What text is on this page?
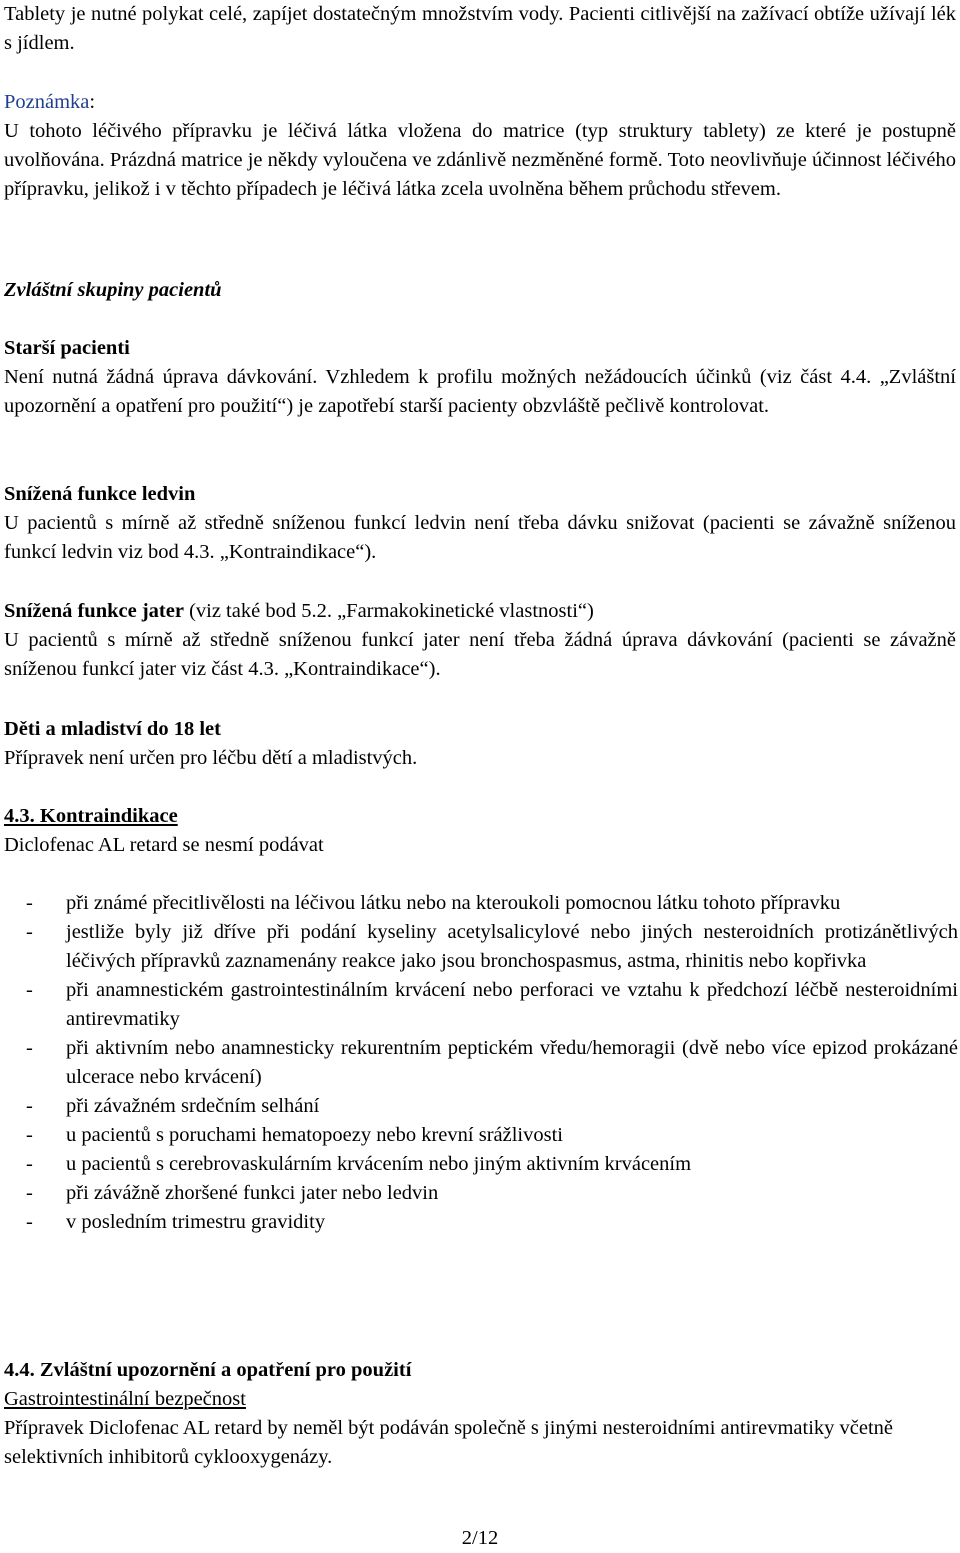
Tablety je nutné polykat celé, zapíjet dostatečným množstvím vody. Pacienti citlivější na zažívací obtíže užívají lék s jídlem.

Poznámka:

U tohoto léčivého přípravku je léčivá látka vložena do matrice (typ struktury tablety) ze které je postupně uvolňována. Prázdná matrice je někdy vyloučena ve zdánlivě nezměněné formě. Toto neovlivňuje účinnost léčivého přípravku, jelikož i v těchto případech je léčivá látka zcela uvolněna během průchodu střevem.

Zvláštní skupiny pacientů

Starší pacienti

Není nutná žádná úprava dávkování. Vzhledem k profilu možných nežádoucích účinků (viz část 4.4. „Zvláštní upozornění a opatření pro použití“) je zapotřebí starší pacienty obzvláště pečlivě kontrolovat.

Snížená funkce ledvin

U pacientů s mírně až středně sníženou funkcí ledvin není třeba dávku snižovat (pacienti se závažně sníženou funkcí ledvin viz bod 4.3. „Kontraindikace“).

Snížená funkce jater (viz také bod 5.2. „Farmakokinetické vlastnosti“)

U pacientů s mírně až středně sníženou funkcí jater není třeba žádná úprava dávkování (pacienti se závažně sníženou funkcí jater viz část 4.3. „Kontraindikace“).

Děti a mladiství do 18 let

Přípravek není určen pro léčbu dětí a mladistvých.

4.3. Kontraindikace

Diclofenac AL retard se nesmí podávat

- při známé přecitlivělosti na léčivou látku nebo na kteroukoli pomocnou látku tohoto přípravku
- jestliže byly již dříve při podání kyseliny acetylsalicylové nebo jiných nesteroidních protizánětlivých léčivých přípravků zaznamenány reakce jako jsou bronchospasmus, astma, rhinitis nebo kopřivka
- při anamnestickém gastrointestinálním krvácení nebo perforaci ve vztahu k předchozí léčbě nesteroidními antirevmatiky
- při aktivním nebo anamnesticky rekurentním peptickém vředu/hemoragii (dvě nebo více epizod prokázané ulcerace nebo krvácení)
- při závažném srdečním selhání
- u pacientů s poruchami hematopoezy nebo krevní srážlivosti
- u pacientů s cerebrovaskulárním krvácením nebo jiným aktivním krvácením
- při závážně zhoršené funkci jater nebo ledvin
- v posledním trimestru gravidity

4.4. Zvláštní upozornění a opatření pro použití

Gastrointestinální bezpečnost

Přípravek Diclofenac AL retard by neměl být podáván společně s jinými nesteroidními antirevmatiky včetně selektivních inhibitorů cyklooxygenázy.

2/12
